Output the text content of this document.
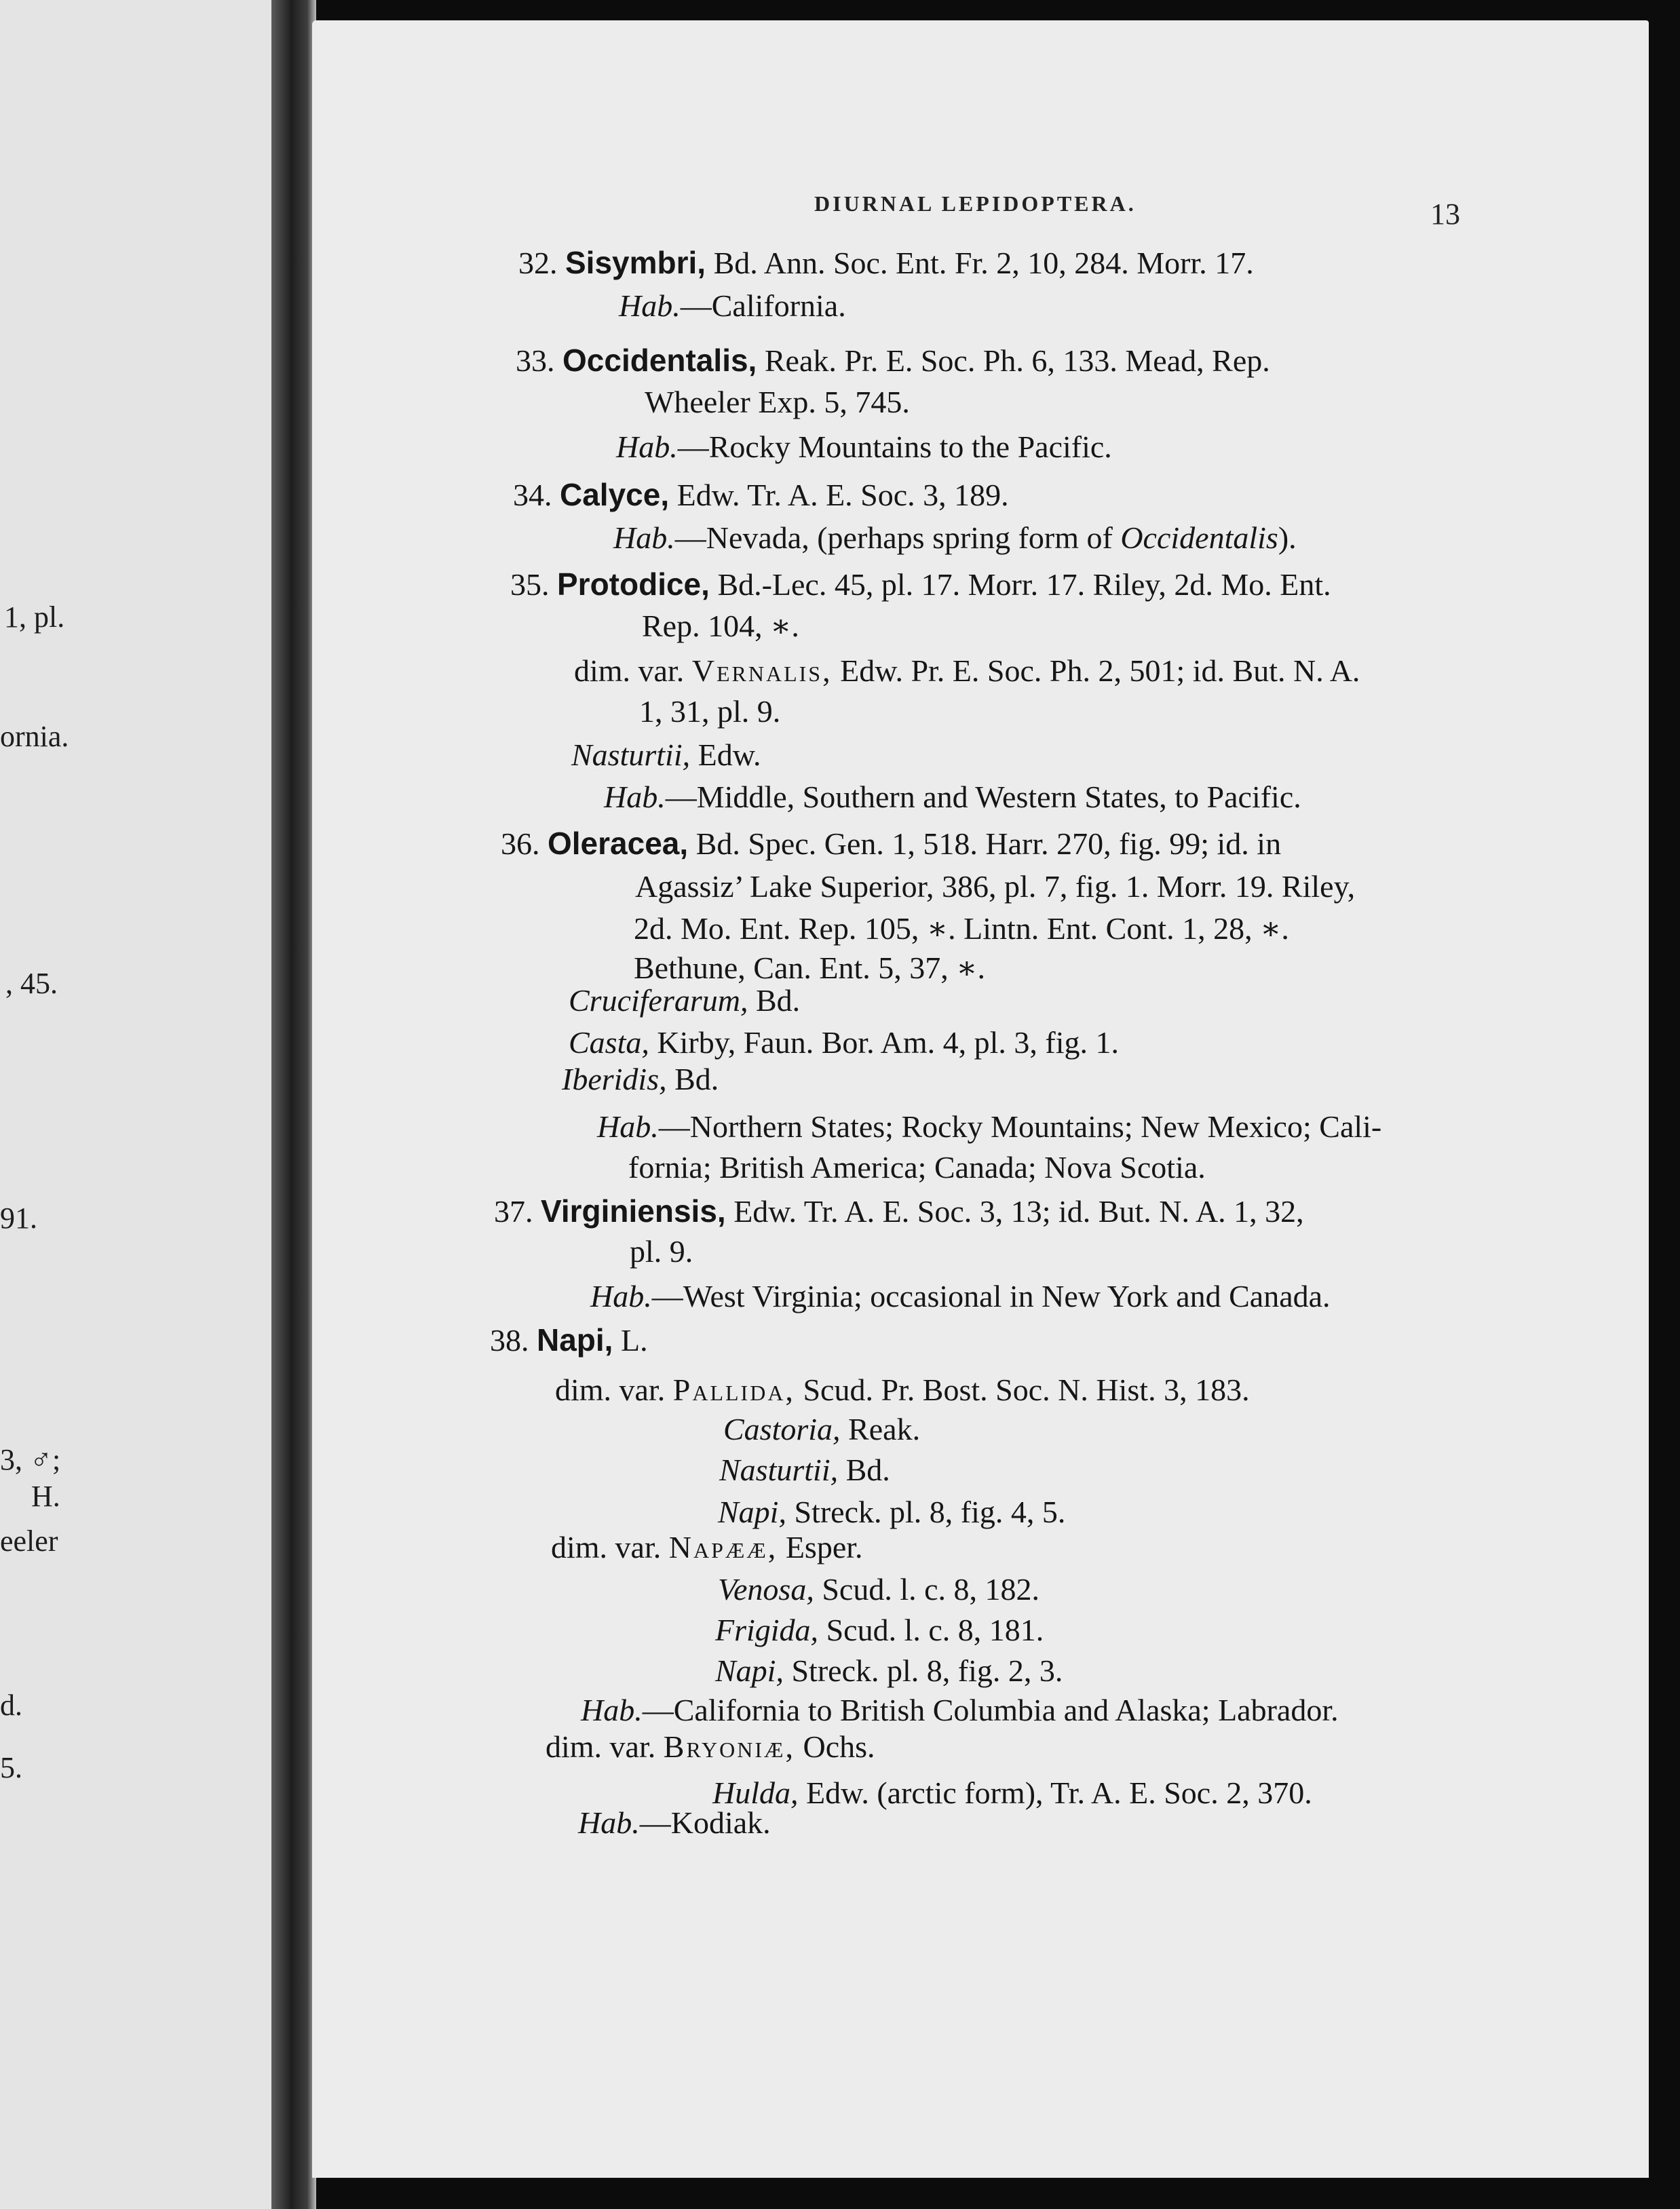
1, pl.
ornia.
, 45.
91.
3, ♂;
H.
eeler
d.
5.
DIURNAL LEPIDOPTERA.	13
32. Sisymbri, Bd. Ann. Soc. Ent. Fr. 2, 10, 284. Morr. 17.
Hab.—California.
33. Occidentalis, Reak. Pr. E. Soc. Ph. 6, 133. Mead, Rep.
Wheeler Exp. 5, 745.
Hab.—Rocky Mountains to the Pacific.
34. Calyce, Edw. Tr. A. E. Soc. 3, 189.
Hab.—Nevada, (perhaps spring form of Occidentalis).
35. Protodice, Bd.-Lec. 45, pl. 17. Morr. 17. Riley, 2d. Mo. Ent.
Rep. 104, ∗.
dim. var. Vernalis, Edw. Pr. E. Soc. Ph. 2, 501; id. But. N. A.
1, 31, pl. 9.
Nasturtii, Edw.
Hab.—Middle, Southern and Western States, to Pacific.
36. Oleracea, Bd. Spec. Gen. 1, 518. Harr. 270, fig. 99; id. in
Agassiz’ Lake Superior, 386, pl. 7, fig. 1. Morr. 19. Riley,
2d. Mo. Ent. Rep. 105, ∗. Lintn. Ent. Cont. 1, 28, ∗.
Bethune, Can. Ent. 5, 37, ∗.
Cruciferarum, Bd.
Casta, Kirby, Faun. Bor. Am. 4, pl. 3, fig. 1.
Iberidis, Bd.
Hab.—Northern States; Rocky Mountains; New Mexico; Cali-
fornia; British America; Canada; Nova Scotia.
37. Virginiensis, Edw. Tr. A. E. Soc. 3, 13; id. But. N. A. 1, 32,
pl. 9.
Hab.—West Virginia; occasional in New York and Canada.
38. Napi, L.
dim. var. Pallida, Scud. Pr. Bost. Soc. N. Hist. 3, 183.
Castoria, Reak.
Nasturtii, Bd.
Napi, Streck. pl. 8, fig. 4, 5.
dim. var. Napææ, Esper.
Venosa, Scud. l. c. 8, 182.
Frigida, Scud. l. c. 8, 181.
Napi, Streck. pl. 8, fig. 2, 3.
Hab.—California to British Columbia and Alaska; Labrador.
dim. var. Bryoniæ, Ochs.
Hulda, Edw. (arctic form), Tr. A. E. Soc. 2, 370.
Hab.—Kodiak.
